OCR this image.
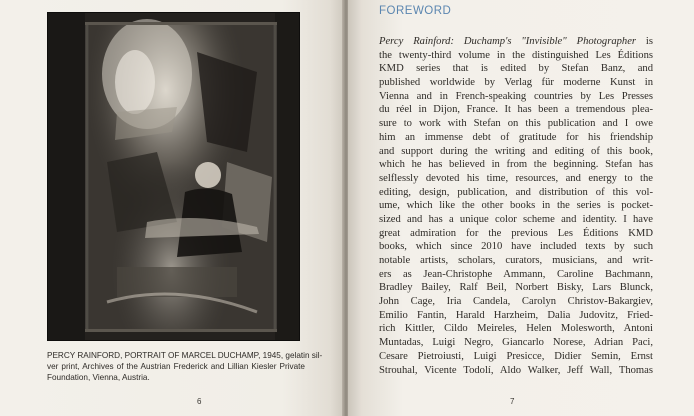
PERCY RAINFORD, PORTRAIT OF MARCEL DUCHAMP, 1945, gelatin sil-
ver print, Archives of the Austrian Frederick and Lillian Kiesler Private
Foundation, Vienna, Austria.
6
FOREWORD
Percy Rainford: Duchamp's "Invisible" Photographer is
the twenty-third volume in the distinguished Les Éditions
KMD series that is edited by Stefan Banz, and
published worldwide by Verlag für moderne Kunst in
Vienna and in French-speaking countries by Les Presses
du réel in Dijon, France. It has been a tremendous plea-
sure to work with Stefan on this publication and I owe
him an immense debt of gratitude for his friendship
and support during the writing and editing of this book,
which he has believed in from the beginning. Stefan has
selflessly devoted his time, resources, and energy to the
editing, design, publication, and distribution of this vol-
ume, which like the other books in the series is pocket-
sized and has a unique color scheme and identity. I have
great admiration for the previous Les Éditions KMD
books, which since 2010 have included texts by such
notable artists, scholars, curators, musicians, and writ-
ers as Jean-Christophe Ammann, Caroline Bachmann,
Bradley Bailey, Ralf Beil, Norbert Bisky, Lars Blunck,
John Cage, Iria Candela, Carolyn Christov-Bakargiev,
Emilio Fantin, Harald Harzheim, Dalia Judovitz, Fried-
rich Kittler, Cildo Meireles, Helen Molesworth, Antoni
Muntadas, Luigi Negro, Giancarlo Norese, Adrian Paci,
Cesare Pietroiusti, Luigi Presicce, Didier Semin, Ernst
Strouhal, Vicente Todolí, Aldo Walker, Jeff Wall, Thomas
7
